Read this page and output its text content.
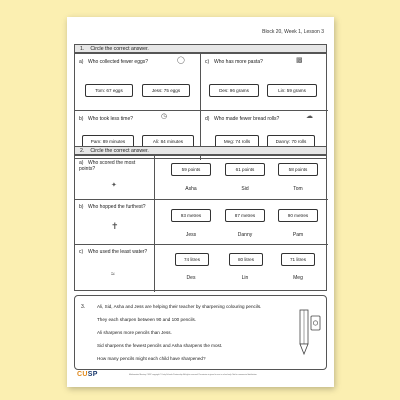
Block 20, Week 1, Lesson 3
1. Circle the correct answer.
a) Who collected fewer eggs?	◯
Tom: 67 eggs	Jess: 75 eggs
c) Who has more pasta?	▩
Des: 96 grams	Lin: 59 grams
b) Who took less time?	◷
Pam: 89 minutes	Ali: 84 minutes
d) Who made fewer bread rolls?	☁
Meg: 74 rolls	Danny: 70 rolls
2. Circle the correct answer.
a) Who scored the most points?
✦
59 points	61 points	58 points
Asha	Sid	Tom
b) Who hopped the furthest?
✝
93 metres	87 metres	90 metres
Jess	Danny	Pam
c) Who used the least water?
≈
74 litres	80 litres	71 litres
Des	Lin	Meg
3.	Ali, Sid, Asha and Jess are helping their teacher by sharpening colouring pencils.

They each sharpen between 90 and 100 pencils.

Ali sharpens more pencils than Jess.

Sid sharpens the fewest pencils and Asha sharpens the most.

How many pencils might each child have sharpened?

CUSP	Mathematics Mastery CUSP copyright © Unity Schools Partnership. All rights reserved. Permission is given for use in school only. Not for commercial distribution.
